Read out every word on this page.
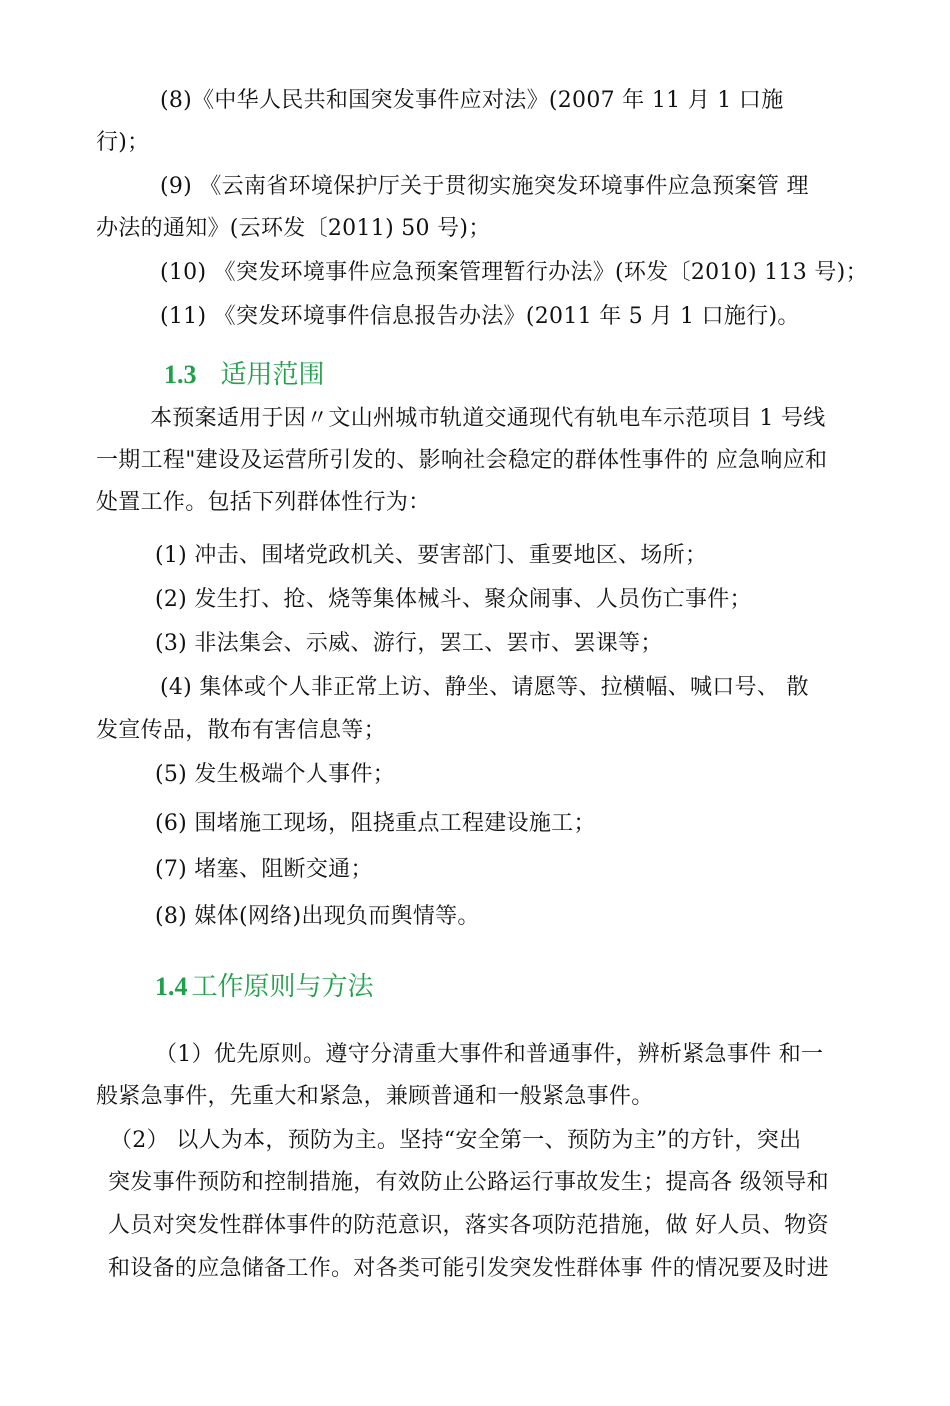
(8)《中华人民共和国突发事件应对法》(2007 年 11 月 1 口施
行)；
(9) 《云南省环境保护厅关于贯彻实施突发环境事件应急预案管 理
办法的通知》(云环发〔2011) 50 号)；
(10) 《突发环境事件应急预案管理暂行办法》(环发〔2010) 113 号)；
(11) 《突发环境事件信息报告办法》(2011 年 5 月 1 口施行)。
1.3 适用范围
本预案适用于因〃文山州城市轨道交通现代有轨电车示范项目 1 号线
一期工程"建设及运营所引发的、影响社会稳定的群体性事件的 应急响应和
处置工作。包括下列群体性行为：
(1) 冲击、围堵党政机关、要害部门、重要地区、场所；
(2) 发生打、抢、烧等集体械斗、聚众闹事、人员伤亡事件；
(3) 非法集会、示威、游行，罢工、罢市、罢课等；
(4) 集体或个人非正常上访、静坐、请愿等、拉横幅、喊口号、 散
发宣传品，散布有害信息等；
(5) 发生极端个人事件；
(6) 围堵施工现场，阻挠重点工程建设施工；
(7) 堵塞、阻断交通；
(8) 媒体(网络)出现负而舆情等。
1.4 工作原则与方法
（1）优先原则。遵守分清重大事件和普通事件，辨析紧急事件 和一
般紧急事件，先重大和紧急，兼顾普通和一般紧急事件。
（2） 以人为本，预防为主。坚持“安全第一、预防为主”的方针，突出
突发事件预防和控制措施，有效防止公路运行事故发生；提高各 级领导和
人员对突发性群体事件的防范意识，落实各项防范措施，做 好人员、物资
和设备的应急储备工作。对各类可能引发突发性群体事 件的情况要及时进
